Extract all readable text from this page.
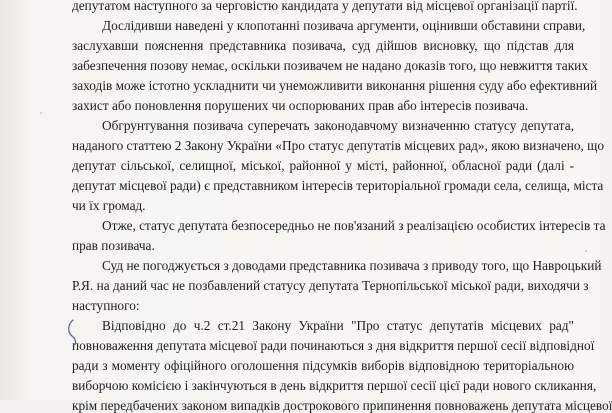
депутатом наступного за черговістю кандидата у депутати від місцевої організації партії.
Дослідивши наведені у клопотанні позивача аргументи, оцінивши обставини справи,
заслухавши пояснення представника позивача, суд дійшов висновку, що підстав для
забезпечення позову немає, оскільки позивачем не надано доказів того, що невжиття таких
заходів може істотно ускладнити чи унеможливити виконання рішення суду або ефективний
захист або поновлення порушених чи оспорюваних прав або інтересів позивача.
Обгрунтування позивача суперечать законодавчому визначенню статусу депутата,
наданого статтею 2 Закону України «Про статус депутатів місцевих рад», якою визначено, що
депутат сільської, селищної, міської, районної у місті, районної, обласної ради (далі -
депутат місцевої ради) є представником інтересів територіальної громади села, селища, міста
чи їх громад.
Отже, статус депутата безпосередньо не пов'язаний з реалізацією особистих інтересів та
прав позивача.
Суд не погоджується з доводами представника позивача з приводу того, що Навроцький
Р.Я. на даний час не позбавлений статусу депутата Тернопільської міської ради, виходячи з
наступного:
Відповідно до ч.2 ст.21 Закону України "Про статус депутатів місцевих рад"
повноваження депутата місцевої ради починаються з дня відкриття першої сесії відповідної
ради з моменту офіційного оголошення підсумків виборів відповідною територіальною
виборчою комісією і закінчуються в день відкриття першої сесії цієї ради нового скликання,
крім передбачених законом випадків дострокового припинення повноважень депутата місцевої
